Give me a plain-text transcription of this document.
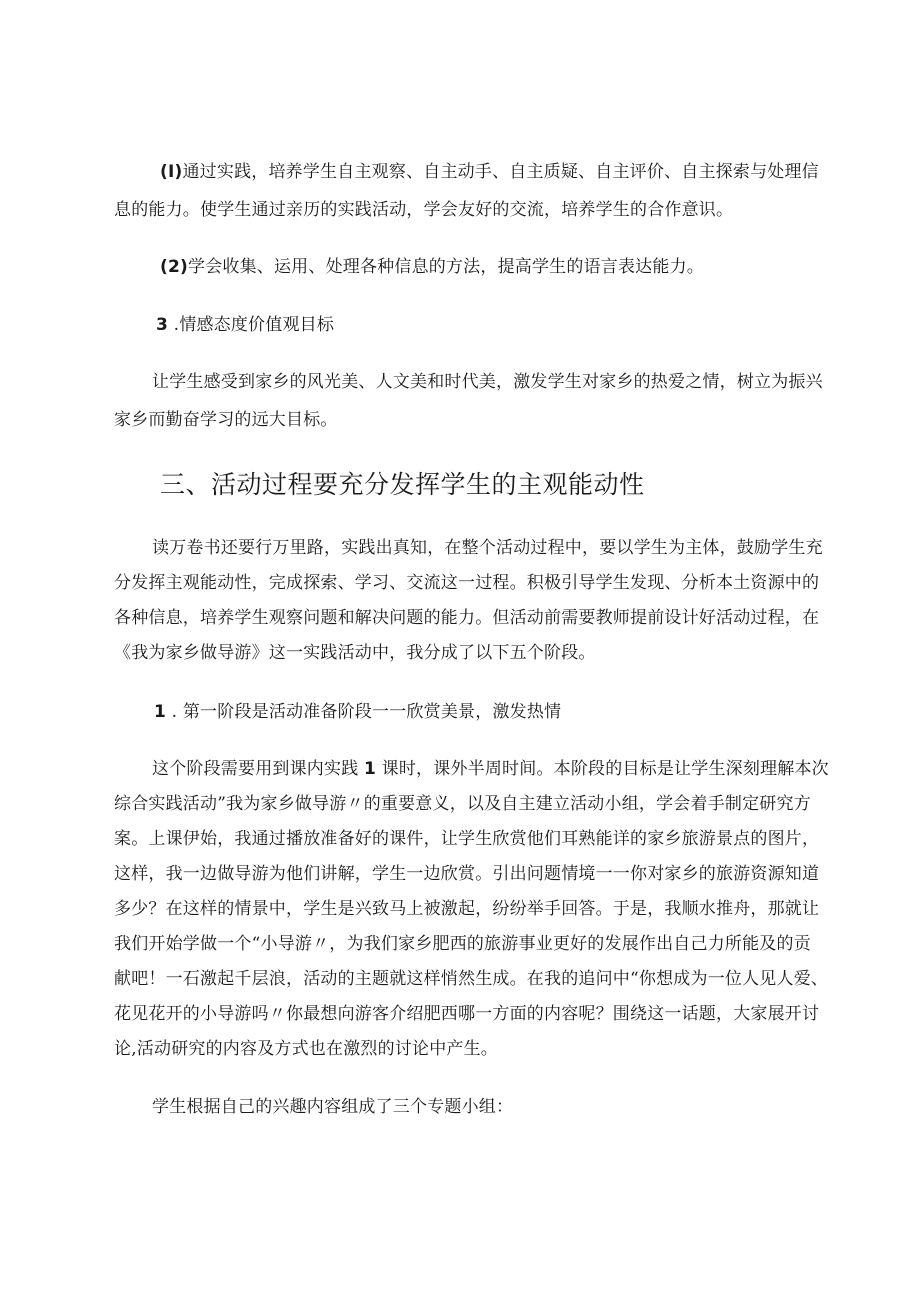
(I)通过实践，培养学生自主观察、自主动手、自主质疑、自主评价、自主探索与处理信
息的能力。使学生通过亲历的实践活动，学会友好的交流，培养学生的合作意识。
(2)学会收集、运用、处理各种信息的方法，提高学生的语言表达能力。
3 .情感态度价值观目标
让学生感受到家乡的风光美、人文美和时代美，激发学生对家乡的热爱之情，树立为振兴
家乡而勤奋学习的远大目标。
三、活动过程要充分发挥学生的主观能动性
读万卷书还要行万里路，实践出真知，在整个活动过程中，要以学生为主体，鼓励学生充
分发挥主观能动性，完成探索、学习、交流这一过程。积极引导学生发现、分析本土资源中的
各种信息，培养学生观察问题和解决问题的能力。但活动前需要教师提前设计好活动过程，在
《我为家乡做导游》这一实践活动中，我分成了以下五个阶段。
1 . 第一阶段是活动准备阶段一一欣赏美景，激发热情
这个阶段需要用到课内实践 1 课时，课外半周时间。本阶段的目标是让学生深刻理解本次
综合实践活动”我为家乡做导游〃的重要意义，以及自主建立活动小组，学会着手制定研究方
案。上课伊始，我通过播放准备好的课件，让学生欣赏他们耳熟能详的家乡旅游景点的图片，
这样，我一边做导游为他们讲解，学生一边欣赏。引出问题情境一一你对家乡的旅游资源知道
多少？在这样的情景中，学生是兴致马上被激起，纷纷举手回答。于是，我顺水推舟，那就让
我们开始学做一个“小导游〃，为我们家乡肥西的旅游事业更好的发展作出自己力所能及的贡
献吧！一石激起千层浪，活动的主题就这样悄然生成。在我的追问中“你想成为一位人见人爱、
花见花开的小导游吗〃你最想向游客介绍肥西哪一方面的内容呢？围绕这一话题，大家展开讨
论,活动研究的内容及方式也在激烈的讨论中产生。
学生根据自己的兴趣内容组成了三个专题小组：
